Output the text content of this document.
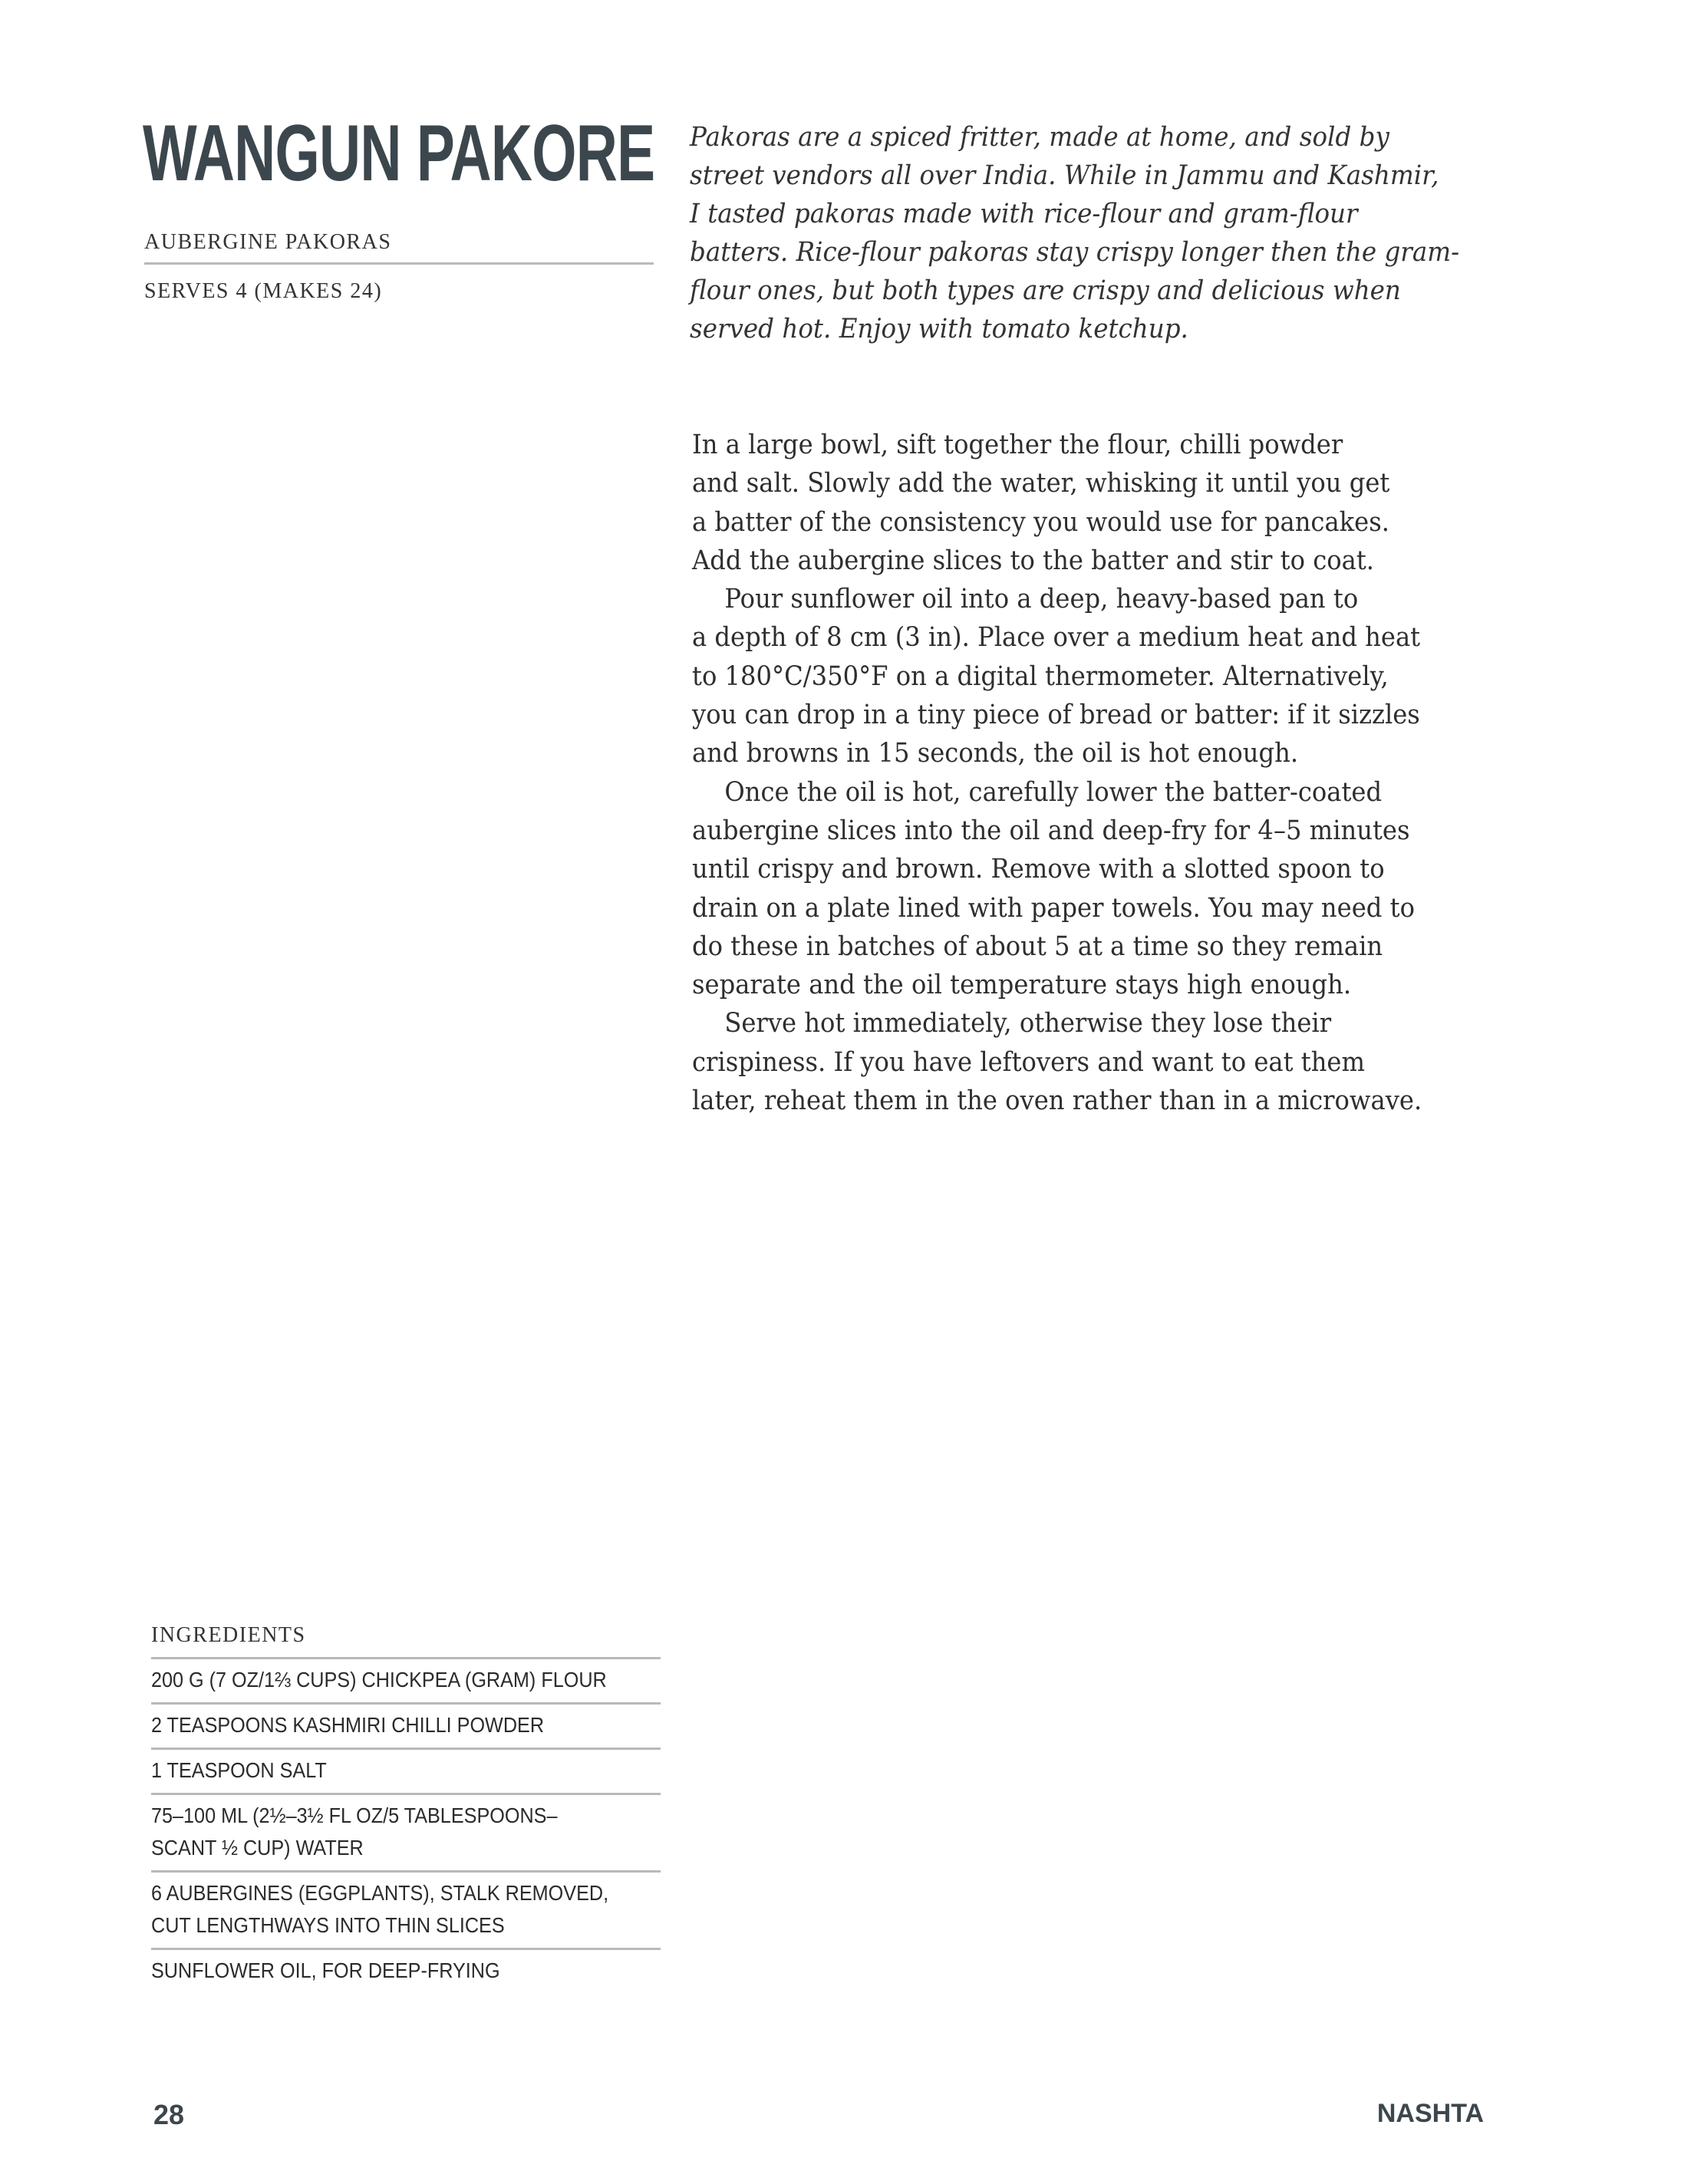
WANGUN PAKORE
AUBERGINE PAKORAS
SERVES 4 (MAKES 24)
Pakoras are a spiced fritter, made at home, and sold by
street vendors all over India. While in Jammu and Kashmir,
I tasted pakoras made with rice-flour and gram-flour
batters. Rice-flour pakoras stay crispy longer then the gram-
flour ones, but both types are crispy and delicious when
served hot. Enjoy with tomato ketchup.
In a large bowl, sift together the flour, chilli powder
and salt. Slowly add the water, whisking it until you get
a batter of the consistency you would use for pancakes.
Add the aubergine slices to the batter and stir to coat.
Pour sunflower oil into a deep, heavy-based pan to
a depth of 8 cm (3 in). Place over a medium heat and heat
to 180°C/350°F on a digital thermometer. Alternatively,
you can drop in a tiny piece of bread or batter: if it sizzles
and browns in 15 seconds, the oil is hot enough.
Once the oil is hot, carefully lower the batter-coated
aubergine slices into the oil and deep-fry for 4–5 minutes
until crispy and brown. Remove with a slotted spoon to
drain on a plate lined with paper towels. You may need to
do these in batches of about 5 at a time so they remain
separate and the oil temperature stays high enough.
Serve hot immediately, otherwise they lose their
crispiness. If you have leftovers and want to eat them
later, reheat them in the oven rather than in a microwave.
INGREDIENTS
200 G (7 OZ/1⅔ CUPS) CHICKPEA (GRAM) FLOUR
2 TEASPOONS KASHMIRI CHILLI POWDER
1 TEASPOON SALT
75–100 ML (2½–3½ FL OZ/5 TABLESPOONS–
SCANT ½ CUP) WATER
6 AUBERGINES (EGGPLANTS), STALK REMOVED,
CUT LENGTHWAYS INTO THIN SLICES
SUNFLOWER OIL, FOR DEEP-FRYING
28	NASHTA
